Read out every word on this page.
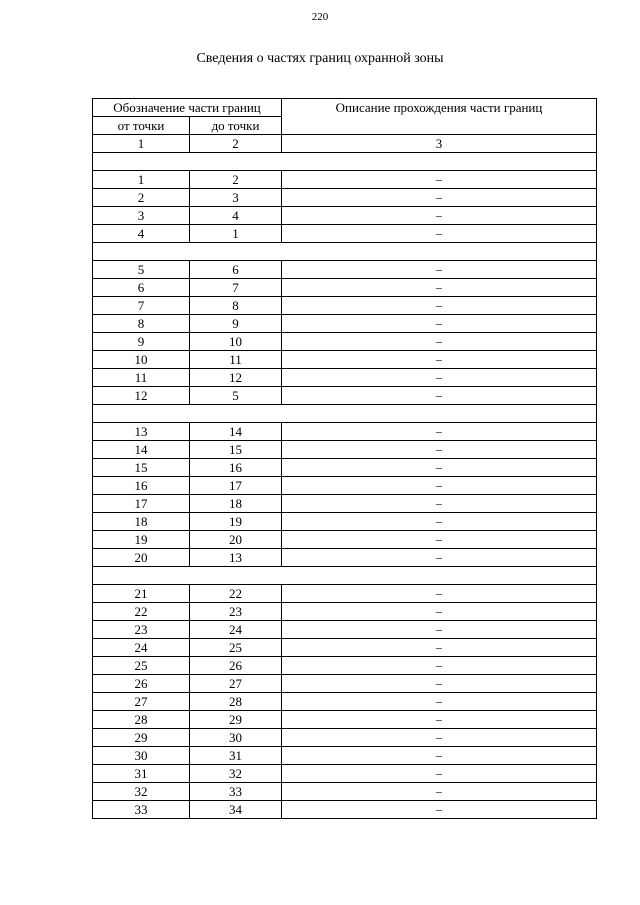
220
Сведения о частях границ охранной зоны
Обозначение части границ		Описание прохождения части границ
от точки	до точки	
1	2	3

1	2	–
2	3	–
3	4	–
4	1	–

5	6	–
6	7	–
7	8	–
8	9	–
9	10	–
10	11	–
11	12	–
12	5	–

13	14	–
14	15	–
15	16	–
16	17	–
17	18	–
18	19	–
19	20	–
20	13	–

21	22	–
22	23	–
23	24	–
24	25	–
25	26	–
26	27	–
27	28	–
28	29	–
29	30	–
30	31	–
31	32	–
32	33	–
33	34	–
